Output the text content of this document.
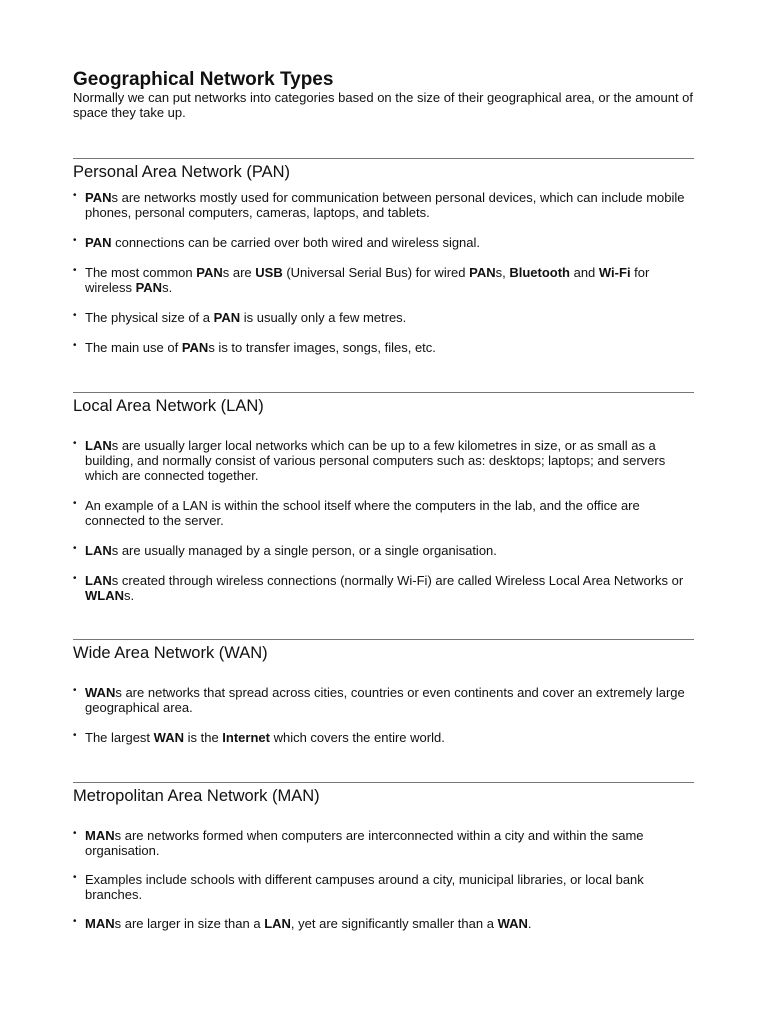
Geographical Network Types

Normally we can put networks into categories based on the size of their geographical area, or the amount of space they take up.

Personal Area Network (PAN)
• PANs are networks mostly used for communication between personal devices, which can include mobile phones, personal computers, cameras, laptops, and tablets.
• PAN connections can be carried over both wired and wireless signal.
• The most common PANs are USB (Universal Serial Bus) for wired PANs, Bluetooth and Wi-Fi for wireless PANs.
• The physical size of a PAN is usually only a few metres.
• The main use of PANs is to transfer images, songs, files, etc.
Local Area Network (LAN)
• LANs are usually larger local networks which can be up to a few kilometres in size, or as small as a building, and normally consist of various personal computers such as: desktops; laptops; and servers which are connected together.
• An example of a LAN is within the school itself where the computers in the lab, and the office are connected to the server.
• LANs are usually managed by a single person, or a single organisation.
• LANs created through wireless connections (normally Wi-Fi) are called Wireless Local Area Networks or WLANs.
Wide Area Network (WAN)
• WANs are networks that spread across cities, countries or even continents and cover an extremely large geographical area.
• The largest WAN is the Internet which covers the entire world.
Metropolitan Area Network (MAN)
• MANs are networks formed when computers are interconnected within a city and within the same organisation.
• Examples include schools with different campuses around a city, municipal libraries, or local bank branches.
• MANs are larger in size than a LAN, yet are significantly smaller than a WAN.
